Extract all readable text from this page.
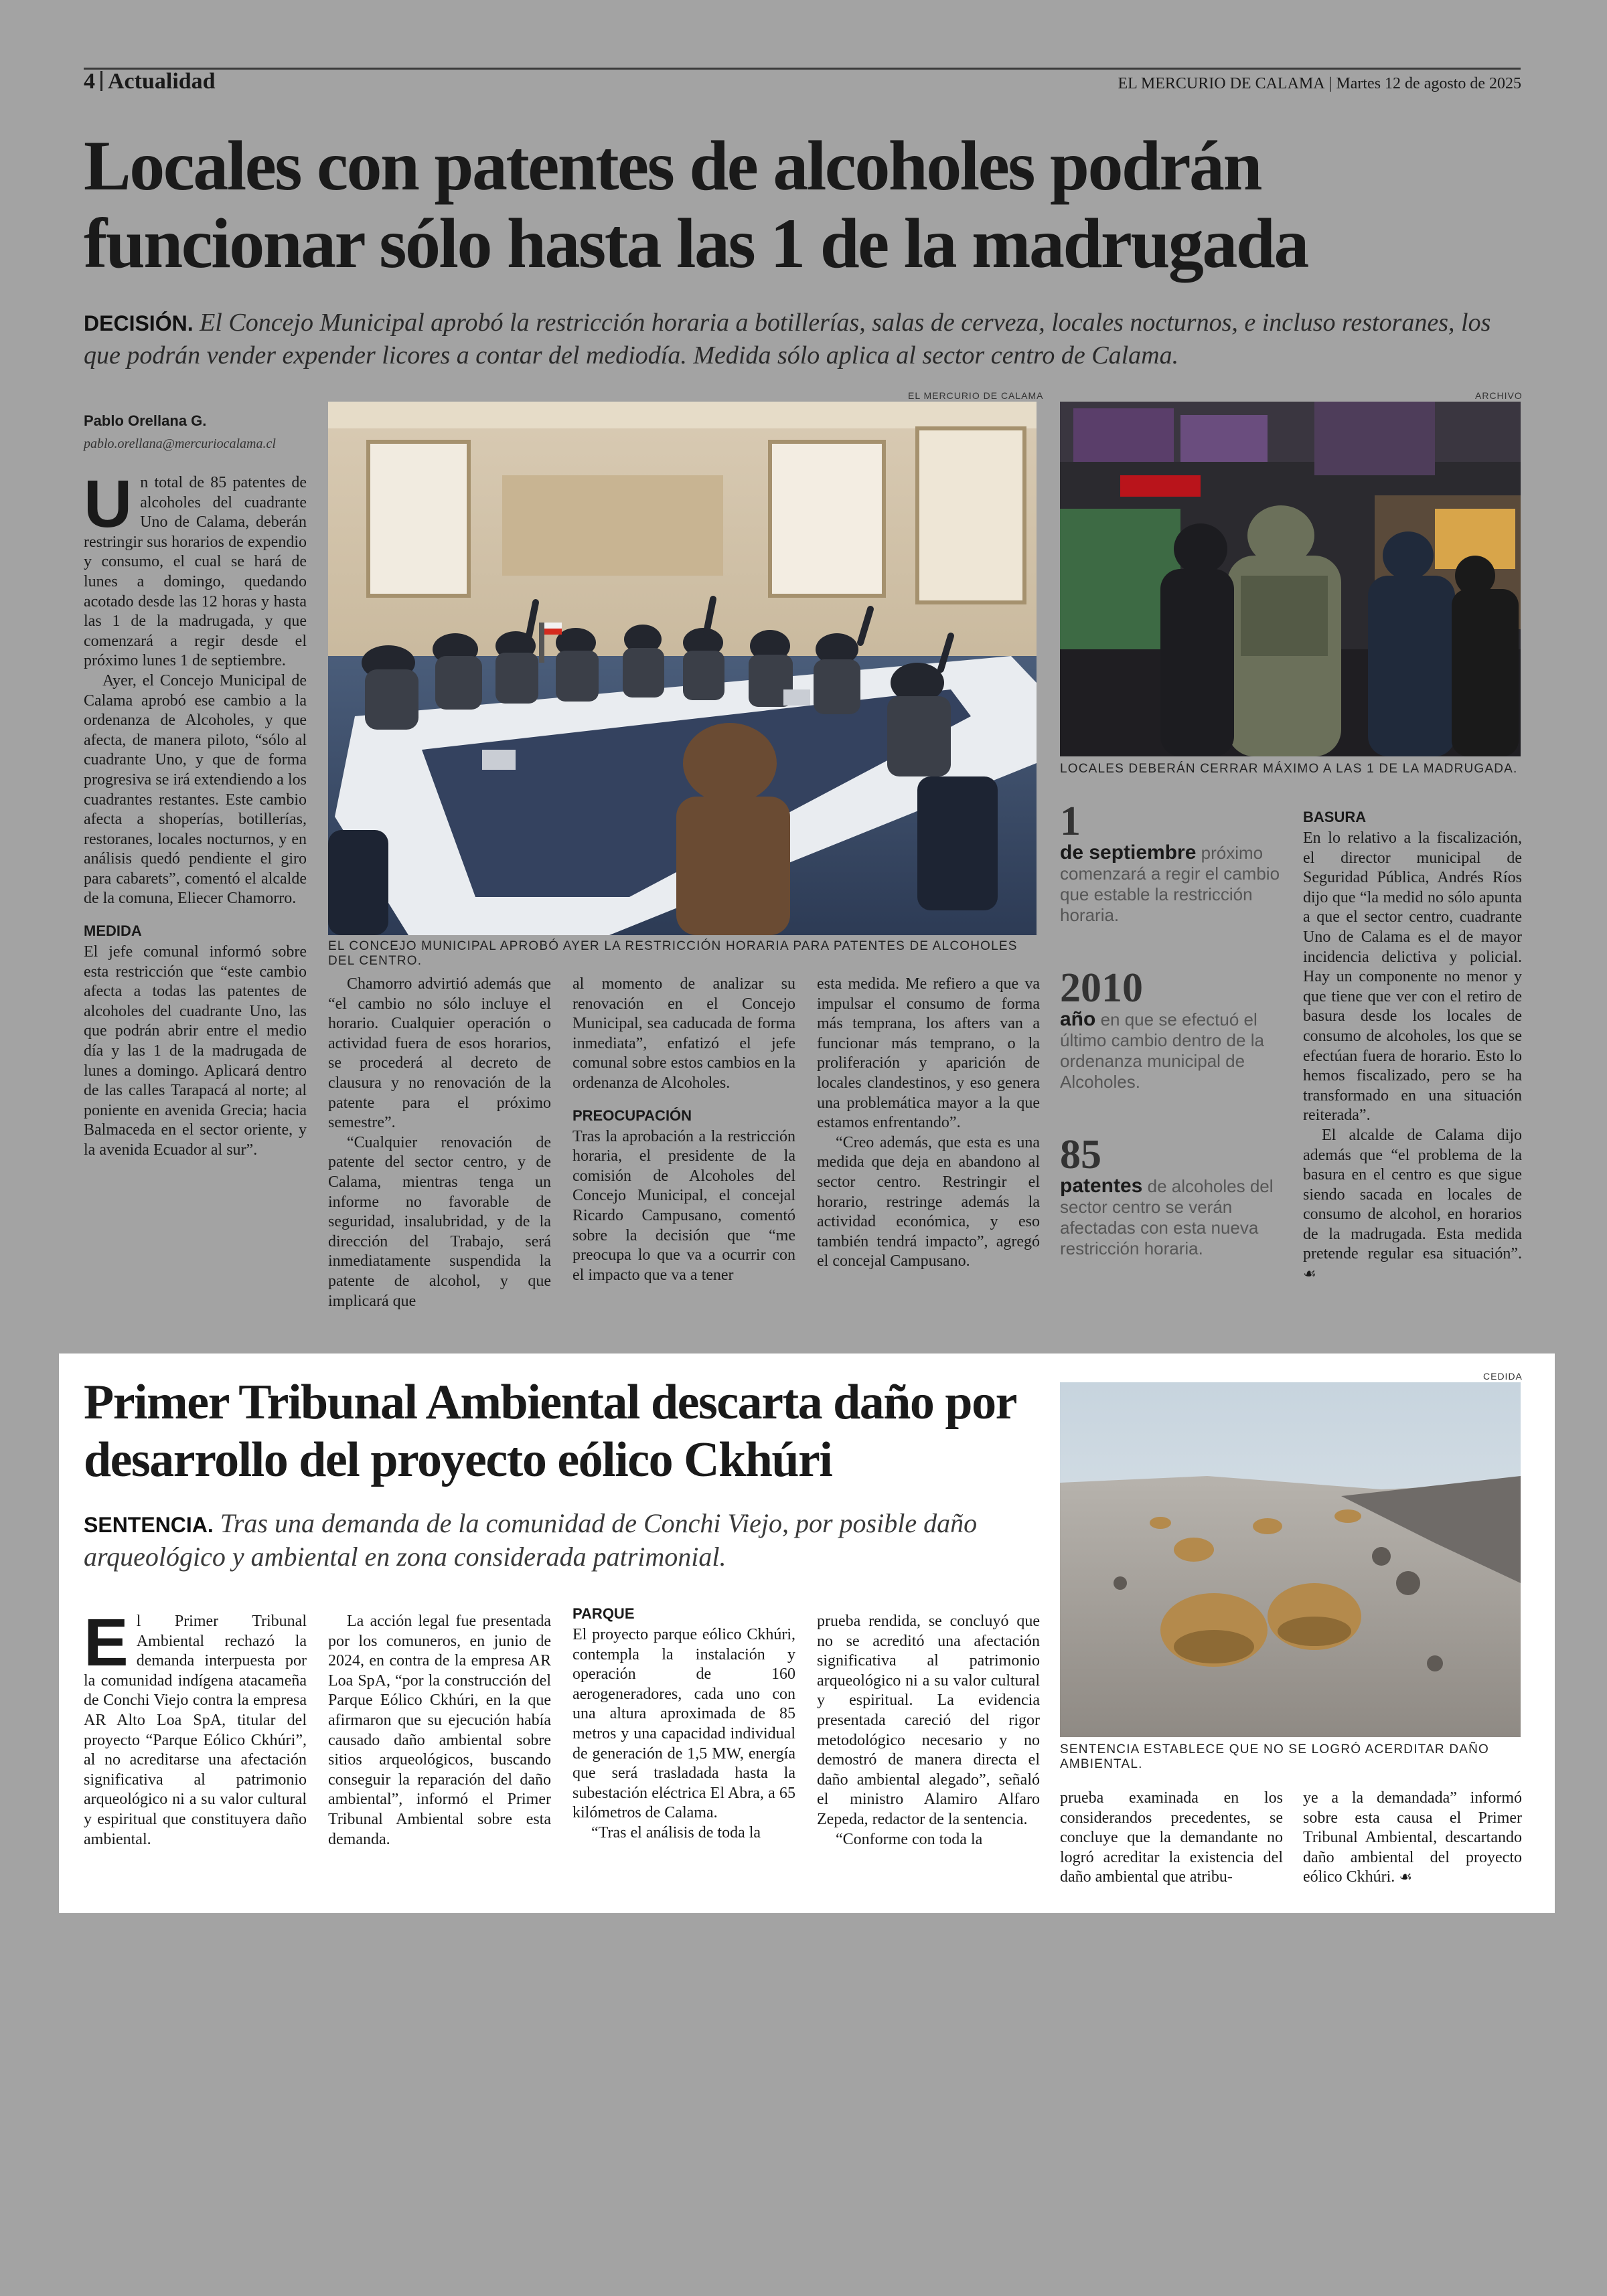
4 Actualidad	EL MERCURIO DE CALAMA | Martes 12 de agosto de 2025
Locales con patentes de alcoholes podrán funcionar sólo hasta las 1 de la madrugada
DECISIÓN. El Concejo Municipal aprobó la restricción horaria a botillerías, salas de cerveza, locales nocturnos, e incluso restoranes, los que podrán vender expender licores a contar del mediodía. Medida sólo aplica al sector centro de Calama.
Pablo Orellana G.
pablo.orellana@mercuriocalama.cl
EL MERCURIO DE CALAMA
EL CONCEJO MUNICIPAL APROBÓ AYER LA RESTRICCIÓN HORARIA PARA PATENTES DE ALCOHOLES DEL CENTRO.
ARCHIVO
LOCALES DEBERÁN CERRAR MÁXIMO A LAS 1 DE LA MADRUGADA.

Un total de 85 patentes de alcoholes del cuadrante Uno de Calama, deberán restringir sus horarios de expendio y consumo, el cual se hará de lunes a domingo, quedando acotado desde las 12 horas y hasta las 1 de la madrugada, y que comenzará a regir desde el próximo lunes 1 de septiembre.

Ayer, el Concejo Municipal de Calama aprobó ese cambio a la ordenanza de Alcoholes, y que afecta, de manera piloto, “sólo al cuadrante Uno, y que de forma progresiva se irá extendiendo a los cuadrantes restantes. Este cambio afecta a shoperías, botillerías, restoranes, locales nocturnos, y en análisis quedó pendiente el giro para cabarets”, comentó el alcalde de la comuna, Eliecer Chamorro.

MEDIDA

El jefe comunal informó sobre esta restricción que “este cambio afecta a todas las patentes de alcoholes del cuadrante Uno, las que podrán abrir entre el medio día y las 1 de la madrugada de lunes a domingo. Aplicará dentro de las calles Tarapacá al norte; al poniente en avenida Grecia; hacia Balmaceda en el sector oriente, y la avenida Ecuador al sur”.

Chamorro advirtió además que “el cambio no sólo incluye el horario. Cualquier operación o actividad fuera de esos horarios, se procederá al decreto de clausura y no renovación de la patente para el próximo semestre”.

“Cualquier renovación de patente del sector centro, y de Calama, mientras tenga un informe no favorable de seguridad, insalubridad, y de la dirección del Trabajo, será inmediatamente suspendida la patente de alcohol, y que implicará que

al momento de analizar su renovación en el Concejo Municipal, sea caducada de forma inmediata”, enfatizó el jefe comunal sobre estos cambios en la ordenanza de Alcoholes.

PREOCUPACIÓN

Tras la aprobación a la restricción horaria, el presidente de la comisión de Alcoholes del Concejo Municipal, el concejal Ricardo Campusano, comentó sobre la decisión que “me preocupa lo que va a ocurrir con el impacto que va a tener

esta medida. Me refiero a que va impulsar el consumo de forma más temprana, los afters van a funcionar más temprano, o la proliferación y aparición de locales clandestinos, y eso genera una problemática mayor a la que estamos enfrentando”.

“Creo además, que esta es una medida que deja en abandono al sector centro. Restringir el horario, restringe además la actividad económica, y eso también tendrá impacto”, agregó el concejal Campusano.

1
de septiembre próximo comenzará a regir el cambio que estable la restricción horaria.
2010
año en que se efectuó el último cambio dentro de la ordenanza municipal de Alcoholes.
85
patentes de alcoholes del sector centro se verán afectadas con esta nueva restricción horaria.
BASURA

En lo relativo a la fiscalización, el director municipal de Seguridad Pública, Andrés Ríos dijo que “la medid no sólo apunta a que el sector centro, cuadrante Uno de Calama es el de mayor incidencia delictiva y policial. Hay un componente no menor y que tiene que ver con el retiro de basura desde los locales de consumo de alcoholes, los que se efectúan fuera de horario. Esto lo hemos fiscalizado, pero se ha transformado en una situación reiterada”.

El alcalde de Calama dijo además que “el problema de la basura en el centro es que sigue siendo sacada en locales de consumo de alcohol, en horarios de la madrugada. Esta medida pretende regular esa situación”. ☙

Primer Tribunal Ambiental descarta daño por desarrollo del proyecto eólico Ckhúri
SENTENCIA. Tras una demanda de la comunidad de Conchi Viejo, por posible daño arqueológico y ambiental en zona considerada patrimonial.
CEDIDA
SENTENCIA ESTABLECE QUE NO SE LOGRÓ ACERDITAR DAÑO AMBIENTAL.

El Primer Tribunal Ambiental rechazó la demanda interpuesta por la comunidad indígena atacameña de Conchi Viejo contra la empresa AR Alto Loa SpA, titular del proyecto “Parque Eólico Ckhúri”, al no acreditarse una afectación significativa al patrimonio arqueológico ni a su valor cultural y espiritual que constituyera daño ambiental.

La acción legal fue presentada por los comuneros, en junio de 2024, en contra de la empresa AR Loa SpA, “por la construcción del Parque Eólico Ckhúri, en la que afirmaron que su ejecución había causado daño ambiental sobre sitios arqueológicos, buscando conseguir la reparación del daño ambiental”, informó el Primer Tribunal Ambiental sobre esta demanda.

PARQUE

El proyecto parque eólico Ckhúri, contempla la instalación y operación de 160 aerogeneradores, cada uno con una altura aproximada de 85 metros y una capacidad individual de generación de 1,5 MW, energía que será trasladada hasta la subestación eléctrica El Abra, a 65 kilómetros de Calama.

“Tras el análisis de toda la

prueba rendida, se concluyó que no se acreditó una afectación significativa al patrimonio arqueológico ni a su valor cultural y espiritual. La evidencia presentada careció del rigor metodológico necesario y no demostró de manera directa el daño ambiental alegado”, señaló el ministro Alamiro Alfaro Zepeda, redactor de la sentencia.

“Conforme con toda la

prueba examinada en los considerandos precedentes, se concluye que la demandante no logró acreditar la existencia del daño ambiental que atribu-

ye a la demandada” informó sobre esta causa el Primer Tribunal Ambiental, descartando daño ambiental del proyecto eólico Ckhúri. ☙
